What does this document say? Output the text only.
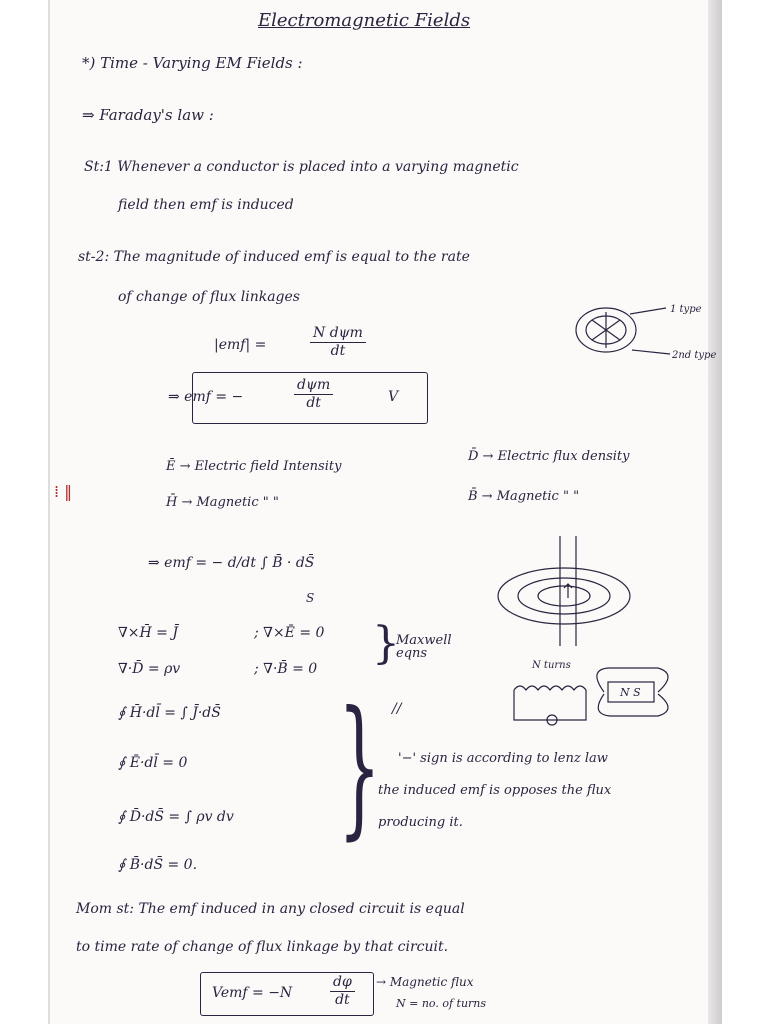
⁞ ‖
Electromagnetic Fields
*) Time - Varying EM Fields :
⇒ Faraday's law :
St:1 Whenever a conductor is placed into a varying magnetic
field then emf is induced
st-2: The magnitude of induced emf is equal to the rate
of change of flux linkages
|emf| =
N dψm
dt
⇒ emf = −
dψm
dt	V
1 type
2nd type
Ē → Electric field Intensity
D̄ → Electric flux density
H̄ → Magnetic " "	B̄ → Magnetic " "
⇒ emf = − d/dt ∫ B̄ · dS̄
S
∇×H̄ = J̄	; ∇×Ē = 0
∇·D̄ = ρv	; ∇·B̄ = 0 }
Maxwell eqns
N turns
N S
∮ H̄·dl̄ = ∫ J̄·dS̄
∮ Ē·dl̄ = 0
∮ D̄·dS̄ = ∫ ρv dv
∮ B̄·dS̄ = 0.
} //
'−' sign is according to lenz law
the induced emf is opposes the flux
producing it.
Mom st: The emf induced in any closed circuit is equal
to time rate of change of flux linkage by that circuit.
Vemf = −N	$\frac{d\varphi}{dt}$ → Magnetic flux
N = no. of turns
